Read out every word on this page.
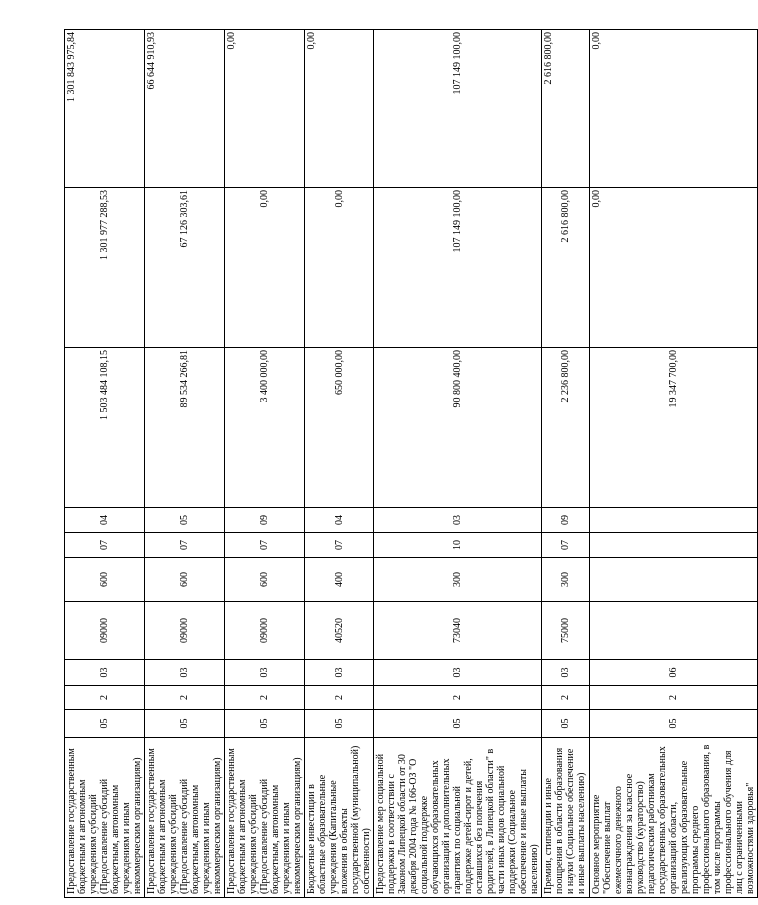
Предоставление государственным бюджетным и автономным учреждениям субсидий (Предоставление субсидий бюджетным, автономным учреждениям и иным некоммерческим организациям)	05	2	03	09000	600	07	04	1 503 484 108,15	1 301 977 288,53	1 301 843 975,84
Предоставление государственным бюджетным и автономным учреждениям субсидий (Предоставление субсидий бюджетным, автономным учреждениям и иным некоммерческим организациям)	05	2	03	09000	600	07	05	89 534 266,81	67 126 303,61	66 644 910,93
Предоставление государственным бюджетным и автономным учреждениям субсидий (Предоставление субсидий бюджетным, автономным учреждениям и иным некоммерческим организациям)	05	2	03	09000	600	07	09	3 400 000,00	0,00	0,00
Бюджетные инвестиции в областные образовательные учреждения (Капитальные вложения в объекты государственной (муниципальной) собственности)	05	2	03	40520	400	07	04	650 000,00	0,00	0,00
Предоставление мер социальной поддержки в соответствии с Законом Липецкой области от 30 декабря 2004 года № 166-ОЗ "О социальной поддержке обучающихся образовательных организаций и дополнительных гарантиях по социальной поддержке детей-сирот и детей, оставшихся без попечения родителей, в Липецкой области" в части иных видов социальной поддержки (Социальное обеспечение и иные выплаты населению)	05	2	03	73040	300	10	03	90 800 400,00	107 149 100,00	107 149 100,00
Премии, стипендии и иные поощрения в области образования и науки (Социальное обеспечение и иные выплаты населению)	05	2	03	75000	300	07	09	2 236 800,00	2 616 800,00	2 616 800,00
Основное мероприятие "Обеспечение выплат ежемесячного денежного вознаграждения за классное руководство (кураторство) педагогическим работникам государственных образовательных организаций области, реализующих образовательные программы среднего профессионального образования, в том числе программы профессионального обучения для лиц с ограниченными возможностями здоровья"	05	2	06					19 347 700,00	0,00	0,00
